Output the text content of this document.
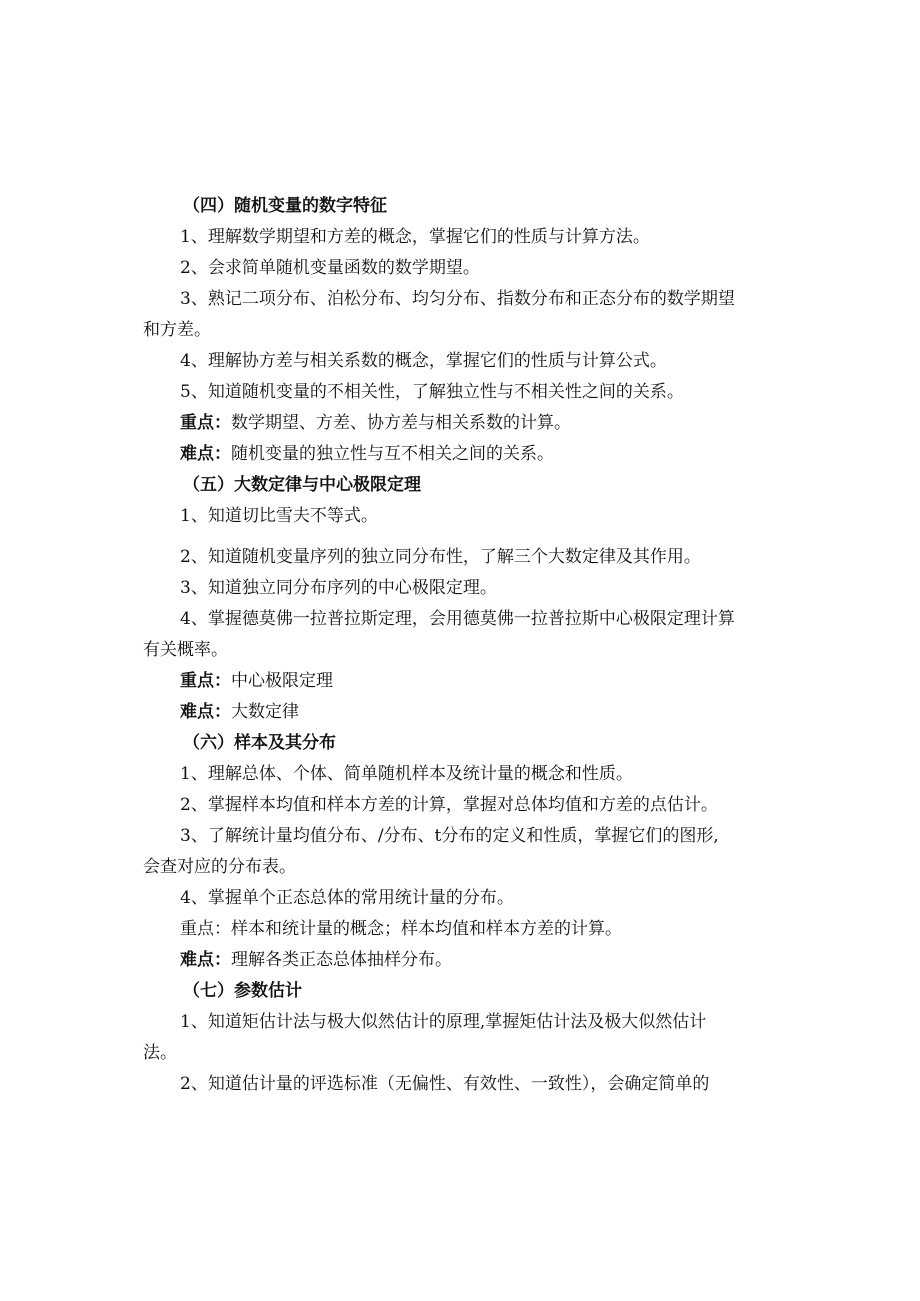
（四）随机变量的数字特征

1、理解数学期望和方差的概念，掌握它们的性质与计算方法。

2、会求简单随机变量函数的数学期望。

3、熟记二项分布、泊松分布、均匀分布、指数分布和正态分布的数学期望

和方差。

4、理解协方差与相关系数的概念，掌握它们的性质与计算公式。

5、知道随机变量的不相关性，了解独立性与不相关性之间的关系。

重点：数学期望、方差、协方差与相关系数的计算。

难点：随机变量的独立性与互不相关之间的关系。

（五）大数定律与中心极限定理

1、知道切比雪夫不等式。

2、知道随机变量序列的独立同分布性，了解三个大数定律及其作用。

3、知道独立同分布序列的中心极限定理。

4、掌握德莫佛一拉普拉斯定理，会用德莫佛一拉普拉斯中心极限定理计算

有关概率。

重点：中心极限定理

难点：大数定律

（六）样本及其分布

1、理解总体、个体、简单随机样本及统计量的概念和性质。

2、掌握样本均值和样本方差的计算，掌握对总体均值和方差的点估计。

3、了解统计量均值分布、/分布、t分布的定义和性质，掌握它们的图形,

会查对应的分布表。

4、掌握单个正态总体的常用统计量的分布。

重点：样本和统计量的概念；样本均值和样本方差的计算。

难点：理解各类正态总体抽样分布。

（七）参数估计

1、知道矩估计法与极大似然估计的原理,掌握矩估计法及极大似然估计

法。

2、知道估计量的评选标准（无偏性、有效性、一致性），会确定简单的
